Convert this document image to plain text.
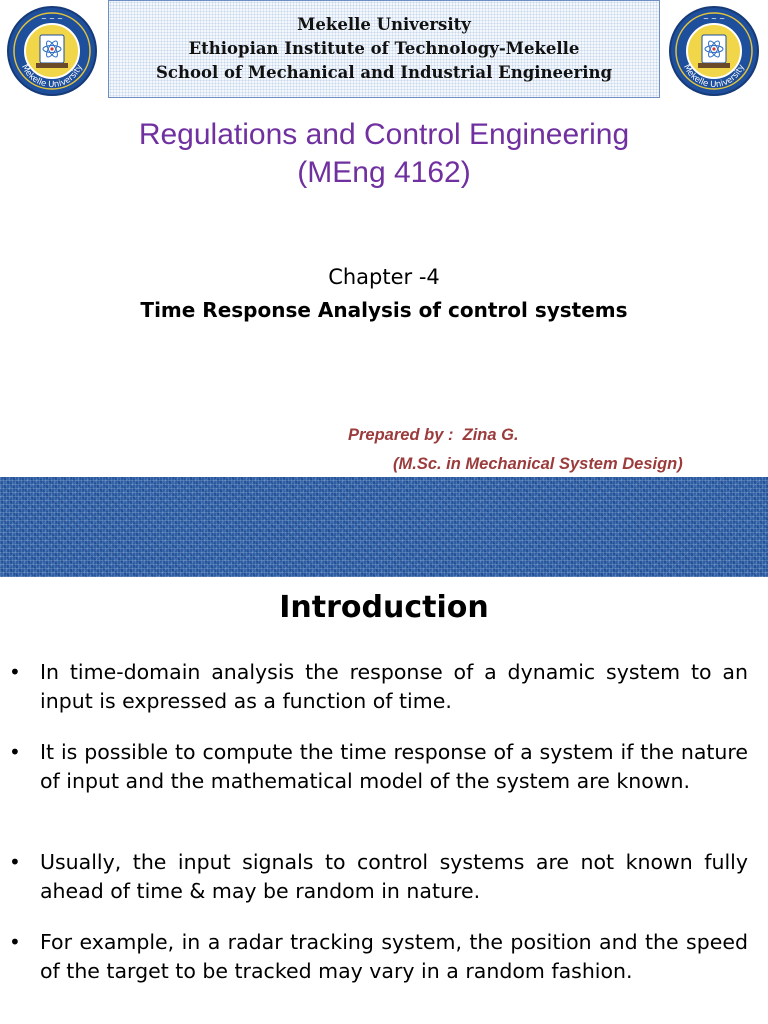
Mekelle University
~ ~ ~	Mekelle University
Ethiopian Institute of Technology-Mekelle
School of Mechanical and Industrial Engineering	Mekelle University
~ ~ ~
Regulations and Control Engineering
(MEng 4162)
Chapter -4
Time Response Analysis of control systems
Prepared by :  Zina G.
(M.Sc. in Mechanical System Design)
Introduction
• In time-domain analysis the response of a dynamic system to an input is expressed as a function of time.
• It is possible to compute the time response of a system if the nature of input and the mathematical model of the system are known.
• Usually, the input signals to control systems are not known fully ahead of time & may be random in nature.
• For example, in a radar tracking system, the position and the speed of the target to be tracked may vary in a random fashion.
